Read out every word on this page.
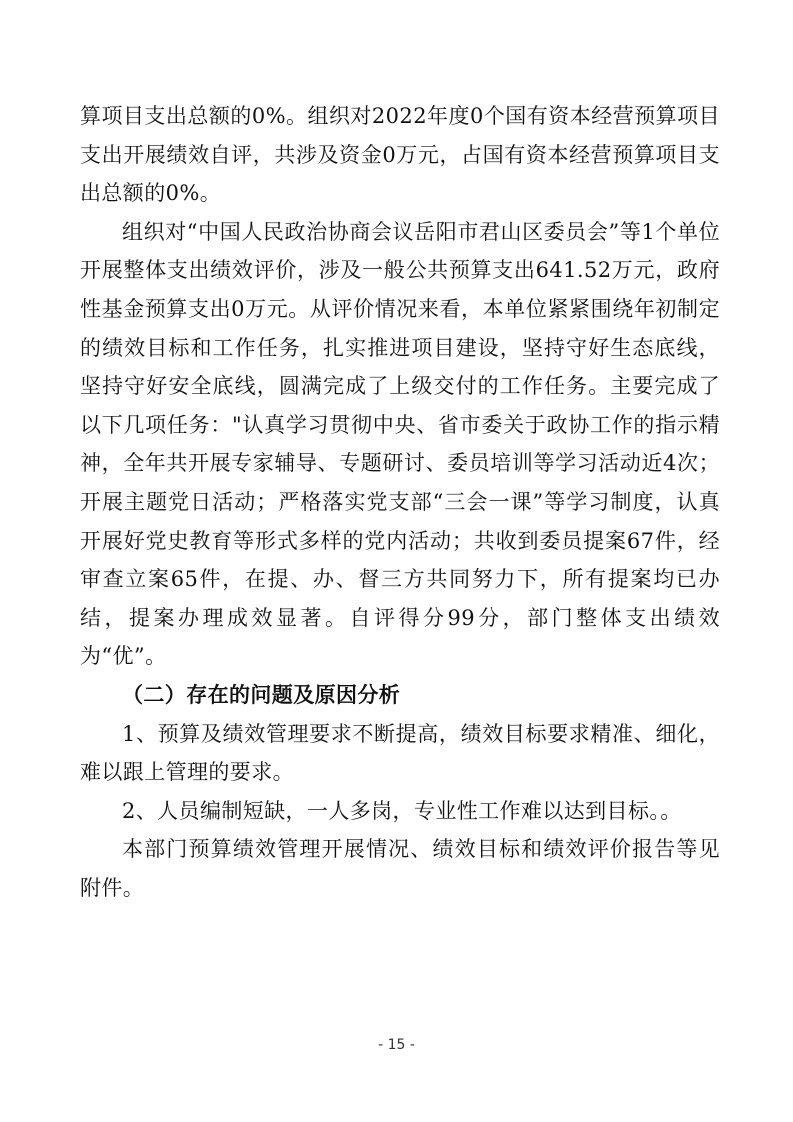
算项目支出总额的0%。组织对2022年度0个国有资本经营预算项目支出开展绩效自评，共涉及资金0万元，占国有资本经营预算项目支出总额的0%。

组织对“中国人民政治协商会议岳阳市君山区委员会”等1个单位开展整体支出绩效评价，涉及一般公共预算支出641.52万元，政府性基金预算支出0万元。从评价情况来看，本单位紧紧围绕年初制定的绩效目标和工作任务，扎实推进项目建设，坚持守好生态底线，坚持守好安全底线，圆满完成了上级交付的工作任务。主要完成了以下几项任务："认真学习贯彻中央、省市委关于政协工作的指示精神，全年共开展专家辅导、专题研讨、委员培训等学习活动近4次；开展主题党日活动；严格落实党支部“三会一课”等学习制度，认真开展好党史教育等形式多样的党内活动；共收到委员提案67件，经审查立案65件，在提、办、督三方共同努力下，所有提案均已办结，提案办理成效显著。自评得分99分，部门整体支出绩效为“优”。

（二）存在的问题及原因分析

1、预算及绩效管理要求不断提高，绩效目标要求精准、细化，难以跟上管理的要求。

2、人员编制短缺，一人多岗，专业性工作难以达到目标。。

本部门预算绩效管理开展情况、绩效目标和绩效评价报告等见附件。

- 15 -
